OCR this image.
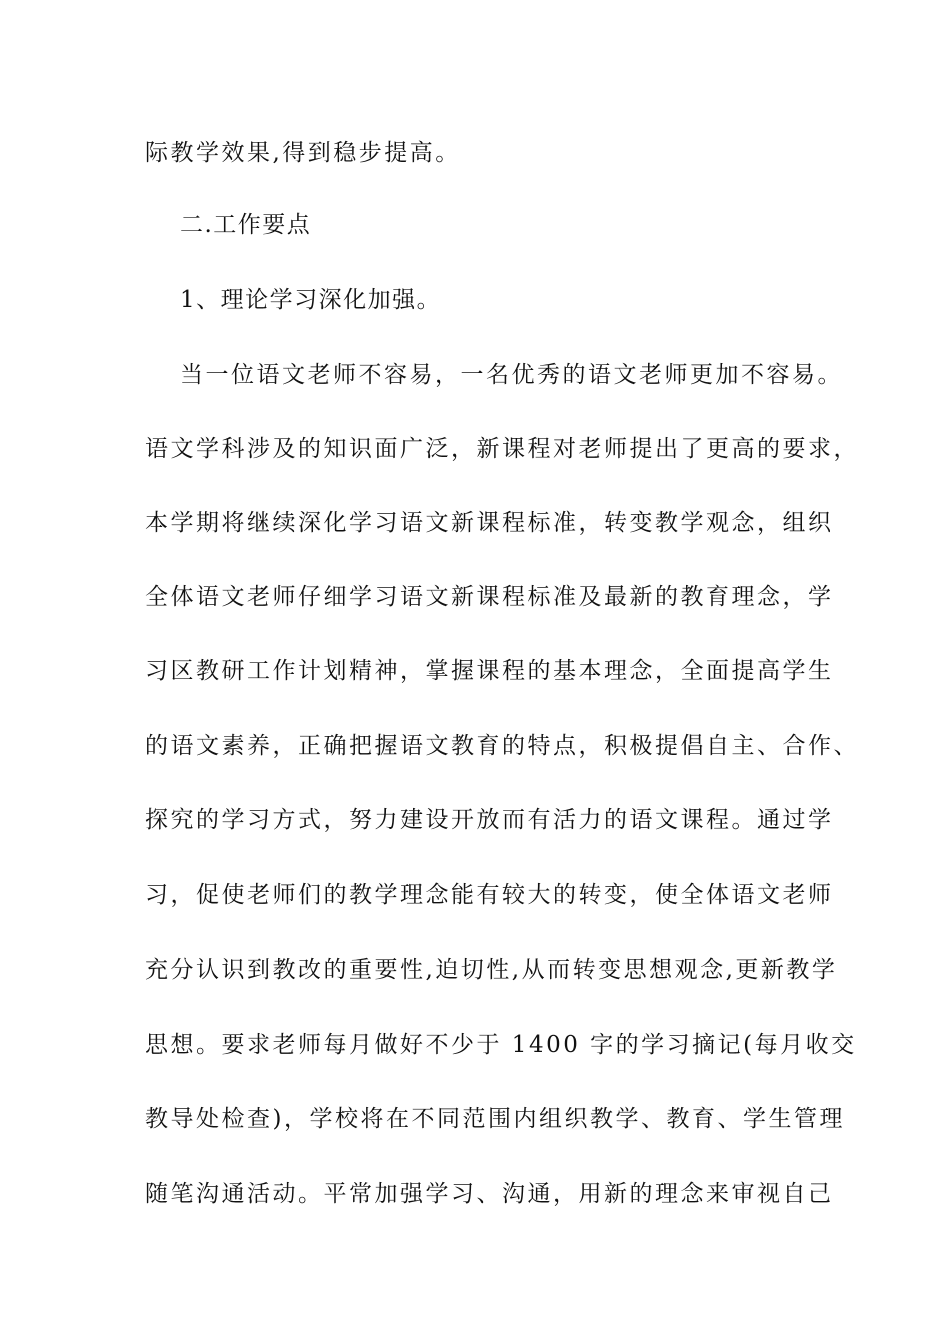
际教学效果,得到稳步提高。
二.工作要点
1、理论学习深化加强。
当一位语文老师不容易，一名优秀的语文老师更加不容易。
语文学科涉及的知识面广泛，新课程对老师提出了更高的要求，
本学期将继续深化学习语文新课程标准，转变教学观念，组织
全体语文老师仔细学习语文新课程标准及最新的教育理念，学
习区教研工作计划精神，掌握课程的基本理念，全面提高学生
的语文素养，正确把握语文教育的特点，积极提倡自主、合作、
探究的学习方式，努力建设开放而有活力的语文课程。通过学
习，促使老师们的教学理念能有较大的转变，使全体语文老师
充分认识到教改的重要性,迫切性,从而转变思想观念,更新教学
思想。要求老师每月做好不少于 1400 字的学习摘记(每月收交
教导处检查)，学校将在不同范围内组织教学、教育、学生管理
随笔沟通活动。平常加强学习、沟通，用新的理念来审视自己
